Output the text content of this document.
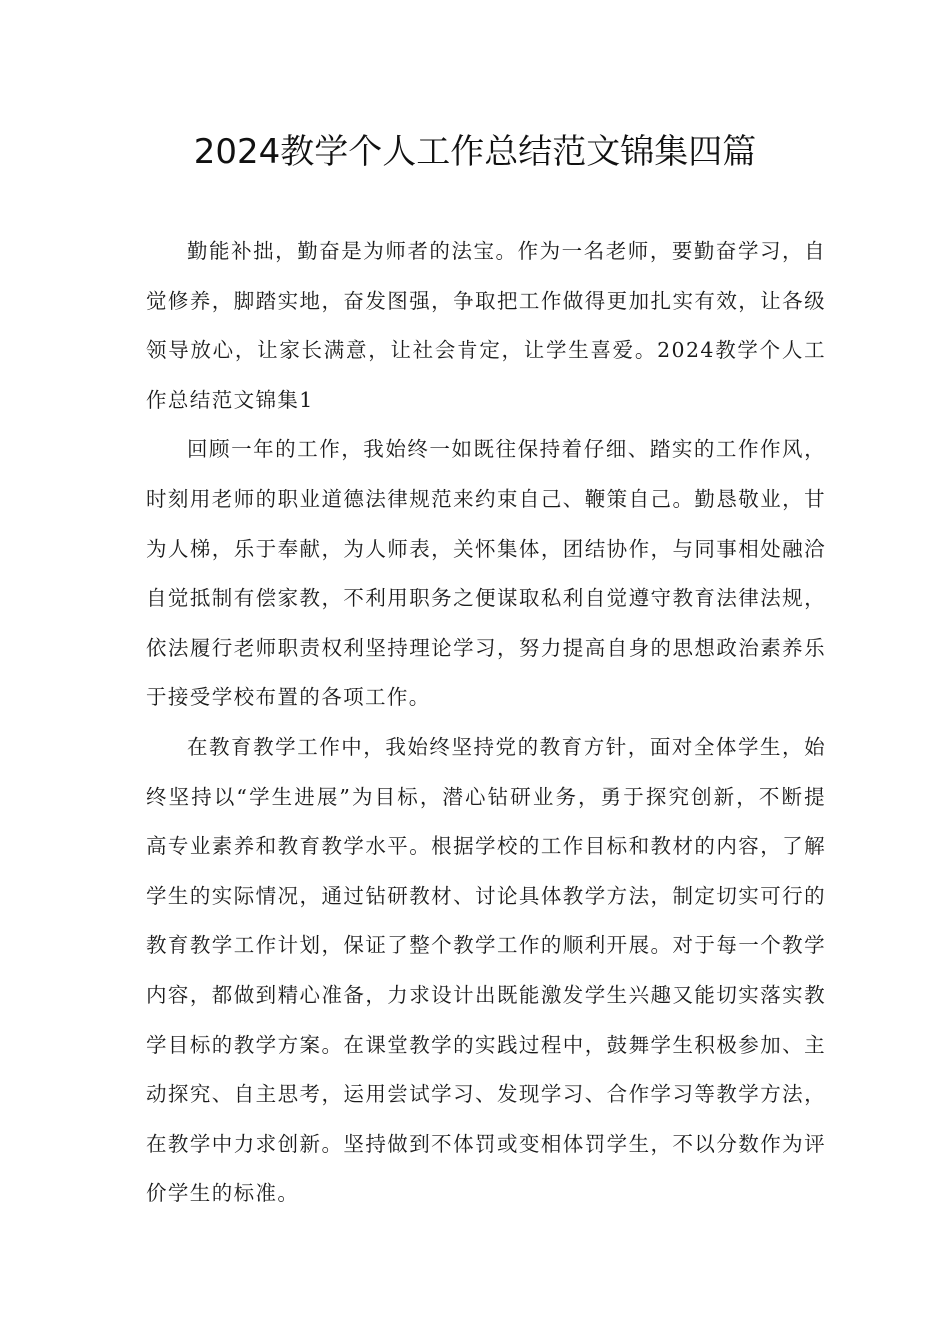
2024教学个人工作总结范文锦集四篇

勤能补拙，勤奋是为师者的法宝。作为一名老师，要勤奋学习，自觉修养，脚踏实地，奋发图强，争取把工作做得更加扎实有效，让各级领导放心，让家长满意，让社会肯定，让学生喜爱。2024教学个人工作总结范文锦集1

回顾一年的工作，我始终一如既往保持着仔细、踏实的工作作风，时刻用老师的职业道德法律规范来约束自己、鞭策自己。勤恳敬业，甘为人梯，乐于奉献，为人师表，关怀集体，团结协作，与同事相处融洽自觉抵制有偿家教，不利用职务之便谋取私利自觉遵守教育法律法规，依法履行老师职责权利坚持理论学习，努力提高自身的思想政治素养乐于接受学校布置的各项工作。

在教育教学工作中，我始终坚持党的教育方针，面对全体学生，始终坚持以“学生进展”为目标，潜心钻研业务，勇于探究创新，不断提高专业素养和教育教学水平。根据学校的工作目标和教材的内容，了解学生的实际情况，通过钻研教材、讨论具体教学方法，制定切实可行的教育教学工作计划，保证了整个教学工作的顺利开展。对于每一个教学内容，都做到精心准备，力求设计出既能激发学生兴趣又能切实落实教学目标的教学方案。在课堂教学的实践过程中，鼓舞学生积极参加、主动探究、自主思考，运用尝试学习、发现学习、合作学习等教学方法，在教学中力求创新。坚持做到不体罚或变相体罚学生，不以分数作为评价学生的标准。
